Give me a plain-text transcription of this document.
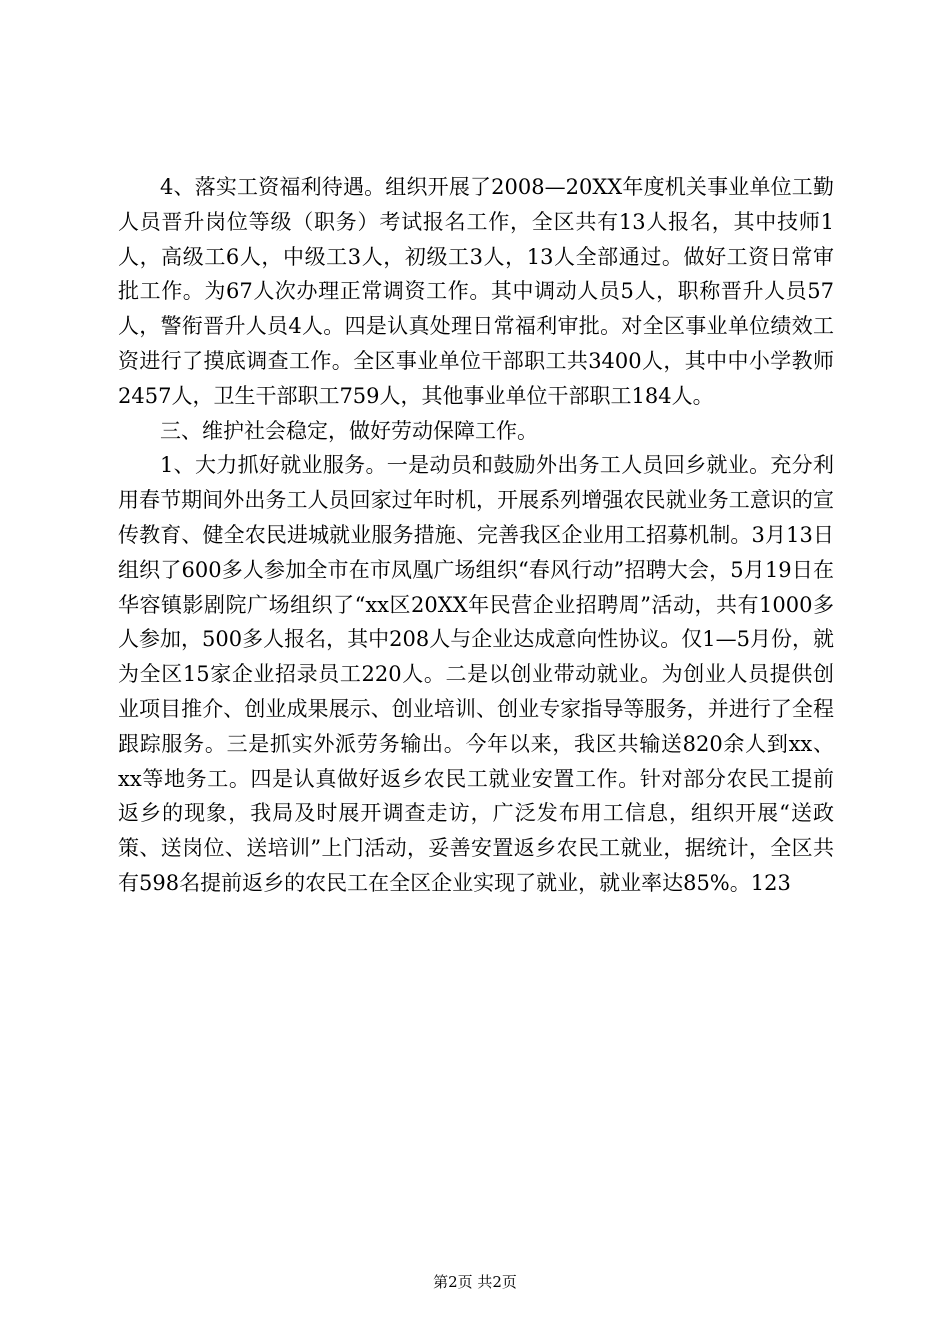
4、落实工资福利待遇。组织开展了2008—20XX年度机关事业单位工勤人员晋升岗位等级（职务）考试报名工作，全区共有13人报名，其中技师1人，高级工6人，中级工3人，初级工3人，13人全部通过。做好工资日常审批工作。为67人次办理正常调资工作。其中调动人员5人，职称晋升人员57人，警衔晋升人员4人。四是认真处理日常福利审批。对全区事业单位绩效工资进行了摸底调查工作。全区事业单位干部职工共3400人，其中中小学教师2457人，卫生干部职工759人，其他事业单位干部职工184人。

三、维护社会稳定，做好劳动保障工作。

1、大力抓好就业服务。一是动员和鼓励外出务工人员回乡就业。充分利用春节期间外出务工人员回家过年时机，开展系列增强农民就业务工意识的宣传教育、健全农民进城就业服务措施、完善我区企业用工招募机制。3月13日组织了600多人参加全市在市凤凰广场组织“春风行动”招聘大会，5月19日在华容镇影剧院广场组织了“xx区20XX年民营企业招聘周”活动，共有1000多人参加，500多人报名，其中208人与企业达成意向性协议。仅1—5月份，就为全区15家企业招录员工220人。二是以创业带动就业。为创业人员提供创业项目推介、创业成果展示、创业培训、创业专家指导等服务，并进行了全程跟踪服务。三是抓实外派劳务输出。今年以来，我区共输送820余人到xx、xx等地务工。四是认真做好返乡农民工就业安置工作。针对部分农民工提前返乡的现象，我局及时展开调查走访，广泛发布用工信息，组织开展“送政策、送岗位、送培训”上门活动，妥善安置返乡农民工就业，据统计，全区共有598名提前返乡的农民工在全区企业实现了就业，就业率达85%。123

第2页 共2页
